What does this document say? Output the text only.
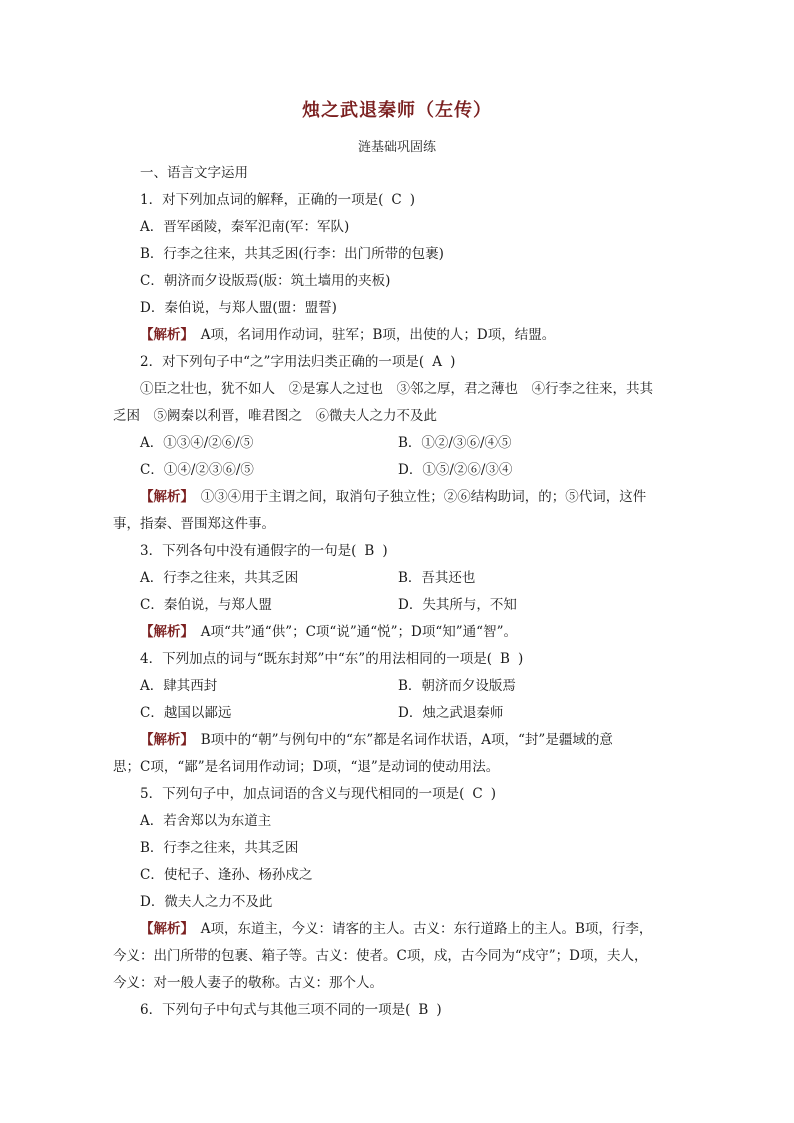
烛之武退秦师（左传）
涟基础巩固练
一、语言文字运用
1．对下列加点词的解释，正确的一项是( C )
A．晋军函陵，秦军氾南(军：军队)
B．行李之往来，共其乏困(行李：出门所带的包裹)
C．朝济而夕设版焉(版：筑土墙用的夹板)
D．秦伯说，与郑人盟(盟：盟誓)
【解析】　 A项，名词用作动词，驻军；B项，出使的人；D项，结盟。
2．对下列句子中“之”字用法归类正确的一项是( A )
①臣之壮也，犹不如人　②是寡人之过也　③邻之厚，君之薄也　④行李之往来，共其
乏困　⑤阙秦以利晋，唯君图之　⑥微夫人之力不及此
A．①③④/②⑥/⑤	B．①②/③⑥/④⑤
C．①④/②③⑥/⑤	D．①⑤/②⑥/③④
【解析】　 ①③④用于主谓之间，取消句子独立性；②⑥结构助词，的；⑤代词，这件
事，指秦、晋围郑这件事。
3．下列各句中没有通假字的一句是( B )
A．行李之往来，共其乏困	B．吾其还也
C．秦伯说，与郑人盟	D．失其所与，不知
【解析】　 A项“共”通“供”；C项“说”通“悦”；D项“知”通“智”。
4．下列加点的词与“既东封郑”中“东”的用法相同的一项是( B )
A．肆其西封	B．朝济而夕设版焉
C．越国以鄙远	D．烛之武退秦师
【解析】　 B项中的“朝”与例句中的“东”都是名词作状语，A项，“封”是疆域的意
思；C项，“鄙”是名词用作动词；D项，“退”是动词的使动用法。
5．下列句子中，加点词语的含义与现代相同的一项是( C )
A．若舍郑以为东道主
B．行李之往来，共其乏困
C．使杞子、逢孙、杨孙戍之
D．微夫人之力不及此
【解析】　 A项，东道主，今义：请客的主人。古义：东行道路上的主人。B项，行李，
今义：出门所带的包裹、箱子等。古义：使者。C项，戍，古今同为“戍守”；D项，夫人，
今义：对一般人妻子的敬称。古义：那个人。
6．下列句子中句式与其他三项不同的一项是( B )
